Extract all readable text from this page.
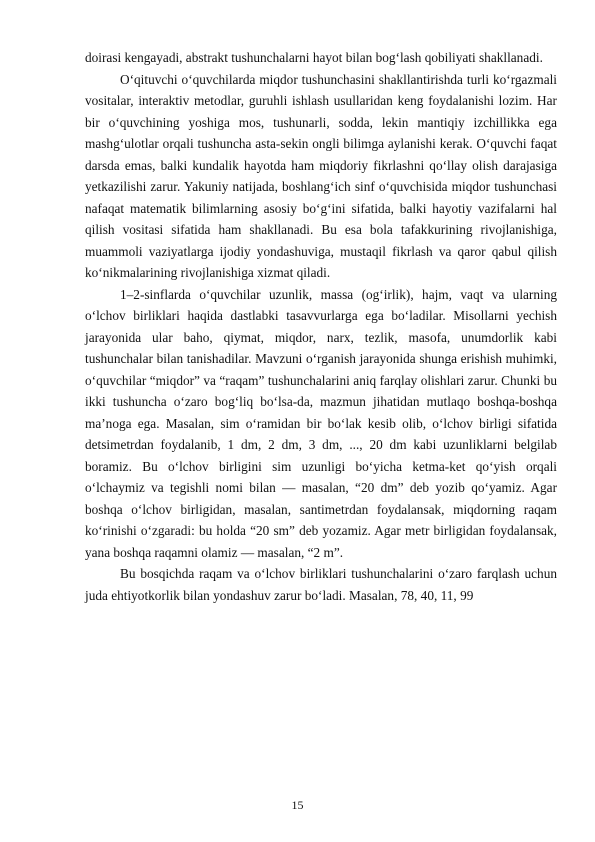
doirasi kengayadi, abstrakt tushunchalarni hayot bilan bog‘lash qobiliyati shakllanadi.

O‘qituvchi o‘quvchilarda miqdor tushunchasini shakllantirishda turli ko‘rgazmali vositalar, interaktiv metodlar, guruhli ishlash usullaridan keng foydalanishi lozim. Har bir o‘quvchining yoshiga mos, tushunarli, sodda, lekin mantiqiy izchillikka ega mashg‘ulotlar orqali tushuncha asta-sekin ongli bilimga aylanishi kerak. O‘quvchi faqat darsda emas, balki kundalik hayotda ham miqdoriy fikrlashni qo‘llay olish darajasiga yetkazilishi zarur. Yakuniy natijada, boshlang‘ich sinf o‘quvchisida miqdor tushunchasi nafaqat matematik bilimlarning asosiy bo‘g‘ini sifatida, balki hayotiy vazifalarni hal qilish vositasi sifatida ham shakllanadi. Bu esa bola tafakkurining rivojlanishiga, muammoli vaziyatlarga ijodiy yondashuviga, mustaqil fikrlash va qaror qabul qilish ko‘nikmalarining rivojlanishiga xizmat qiladi.

1–2-sinflarda o‘quvchilar uzunlik, massa (og‘irlik), hajm, vaqt va ularning o‘lchov birliklari haqida dastlabki tasavvurlarga ega bo‘ladilar. Misollarni yechish jarayonida ular baho, qiymat, miqdor, narx, tezlik, masofa, unumdorlik kabi tushunchalar bilan tanishadilar. Mavzuni o‘rganish jarayonida shunga erishish muhimki, o‘quvchilar “miqdor” va “raqam” tushunchalarini aniq farqlay olishlari zarur. Chunki bu ikki tushuncha o‘zaro bog‘liq bo‘lsa-da, mazmun jihatidan mutlaqo boshqa-boshqa ma’noga ega. Masalan, sim o‘ramidan bir bo‘lak kesib olib, o‘lchov birligi sifatida detsimetrdan foydalanib, 1 dm, 2 dm, 3 dm, ..., 20 dm kabi uzunliklarni belgilab boramiz. Bu o‘lchov birligini sim uzunligi bo‘yicha ketma-ket qo‘yish orqali o‘lchaymiz va tegishli nomi bilan — masalan, “20 dm” deb yozib qo‘yamiz. Agar boshqa o‘lchov birligidan, masalan, santimetrdan foydalansak, miqdorning raqam ko‘rinishi o‘zgaradi: bu holda “20 sm” deb yozamiz. Agar metr birligidan foydalansak, yana boshqa raqamni olamiz — masalan, “2 m”.

Bu bosqichda raqam va o‘lchov birliklari tushunchalarini o‘zaro farqlash uchun juda ehtiyotkorlik bilan yondashuv zarur bo‘ladi. Masalan, 78, 40, 11, 99

15
